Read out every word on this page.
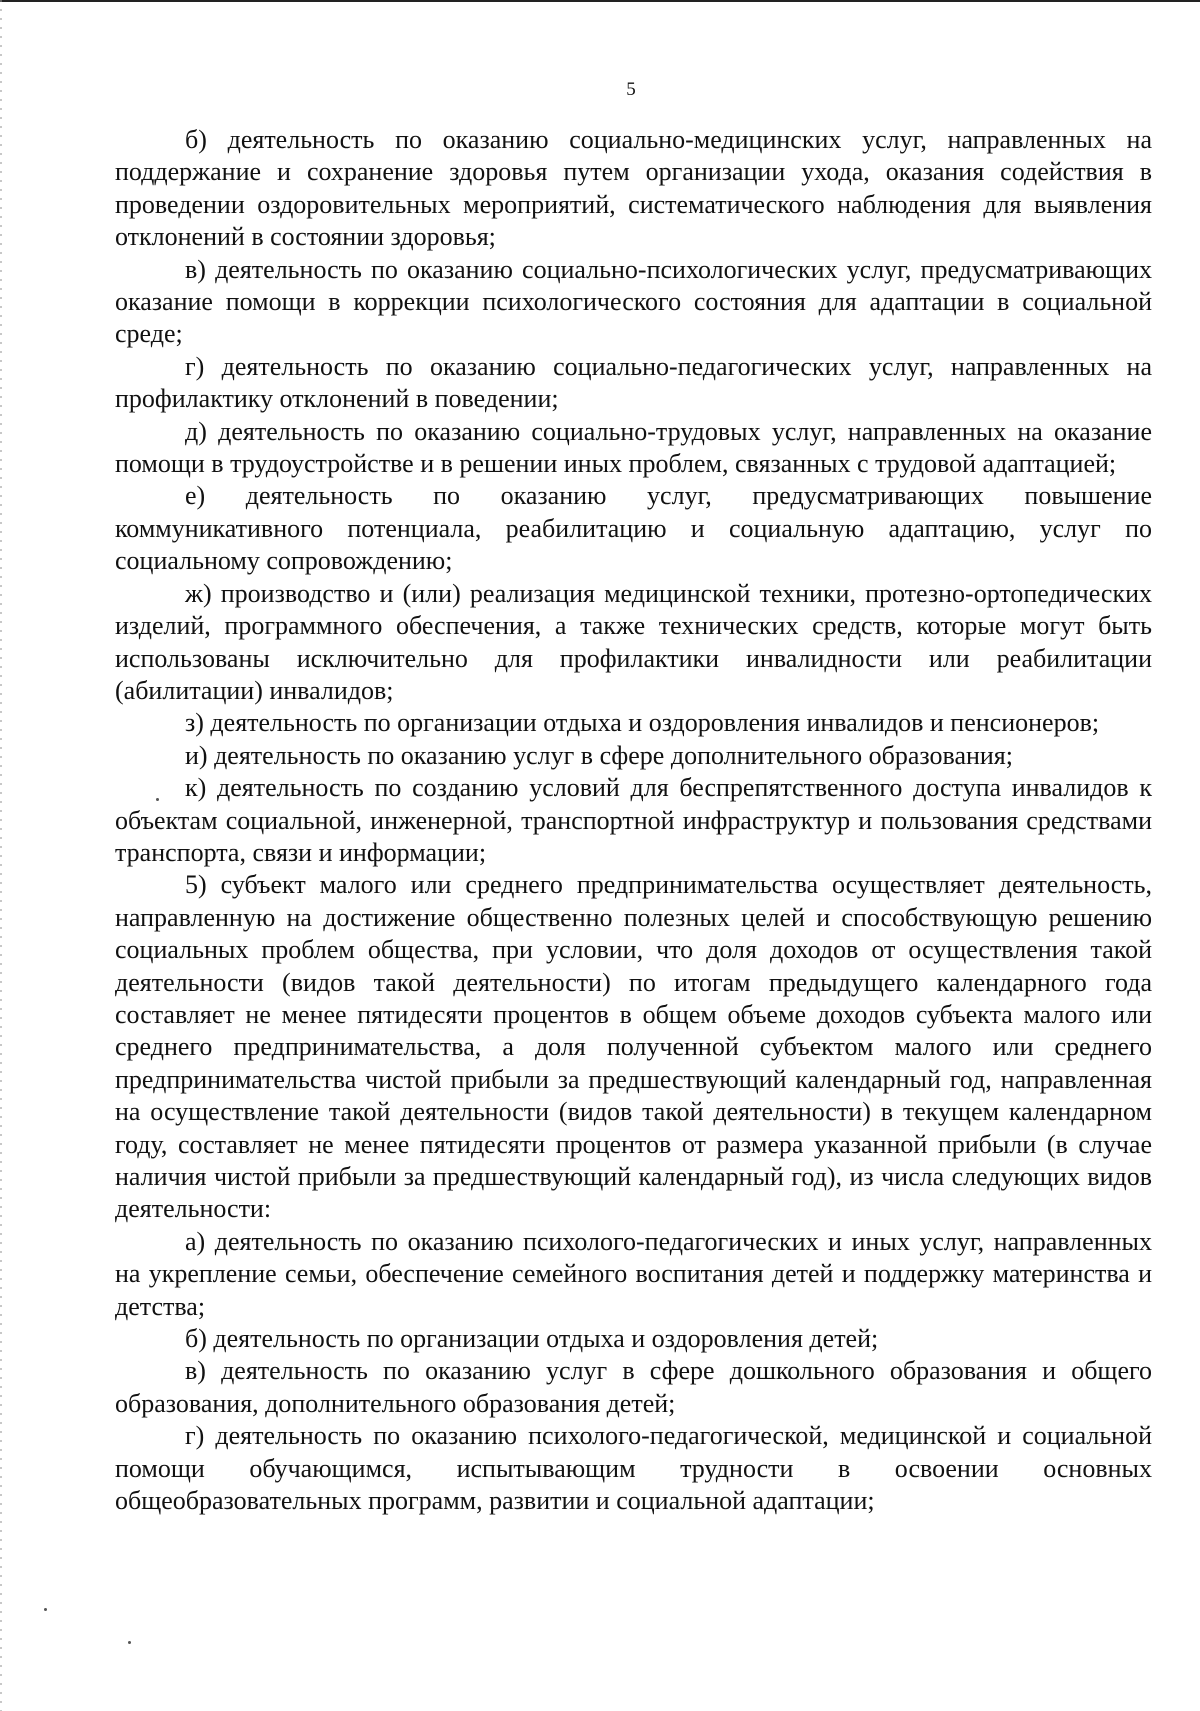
5

б) деятельность по оказанию социально-медицинских услуг, направленных на поддержание и сохранение здоровья путем организации ухода, оказания содействия в проведении оздоровительных мероприятий, систематического наблюдения для выявления отклонений в состоянии здоровья;

в) деятельность по оказанию социально-психологических услуг, предусматривающих оказание помощи в коррекции психологического состояния для адаптации в социальной среде;

г) деятельность по оказанию социально-педагогических услуг, направленных на профилактику отклонений в поведении;

д) деятельность по оказанию социально-трудовых услуг, направленных на оказание помощи в трудоустройстве и в решении иных проблем, связанных с трудовой адаптацией;

е) деятельность по оказанию услуг, предусматривающих повышение коммуникативного потенциала, реабилитацию и социальную адаптацию, услуг по социальному сопровождению;

ж) производство и (или) реализация медицинской техники, протезно-ортопедических изделий, программного обеспечения, а также технических средств, которые могут быть использованы исключительно для профилактики инвалидности или реабилитации (абилитации) инвалидов;

з) деятельность по организации отдыха и оздоровления инвалидов и пенсионеров;

и) деятельность по оказанию услуг в сфере дополнительного образования;

к) деятельность по созданию условий для беспрепятственного доступа инвалидов к объектам социальной, инженерной, транспортной инфраструктур и пользования средствами транспорта, связи и информации;

5) субъект малого или среднего предпринимательства осуществляет деятельность, направленную на достижение общественно полезных целей и способствующую решению социальных проблем общества, при условии, что доля доходов от осуществления такой деятельности (видов такой деятельности) по итогам предыдущего календарного года составляет не менее пятидесяти процентов в общем объеме доходов субъекта малого или среднего предпринимательства, а доля полученной субъектом малого или среднего предпринимательства чистой прибыли за предшествующий календарный год, направленная на осуществление такой деятельности (видов такой деятельности) в текущем календарном году, составляет не менее пятидесяти процентов от размера указанной прибыли (в случае наличия чистой прибыли за предшествующий календарный год), из числа следующих видов деятельности:

а) деятельность по оказанию психолого-педагогических и иных услуг, направленных на укрепление семьи, обеспечение семейного воспитания детей и поддержку материнства и детства;

б) деятельность по организации отдыха и оздоровления детей;

в) деятельность по оказанию услуг в сфере дошкольного образования и общего образования, дополнительного образования детей;

г) деятельность по оказанию психолого-педагогической, медицинской и социальной помощи обучающимся, испытывающим трудности в освоении основных общеобразовательных программ, развитии и социальной адаптации;
